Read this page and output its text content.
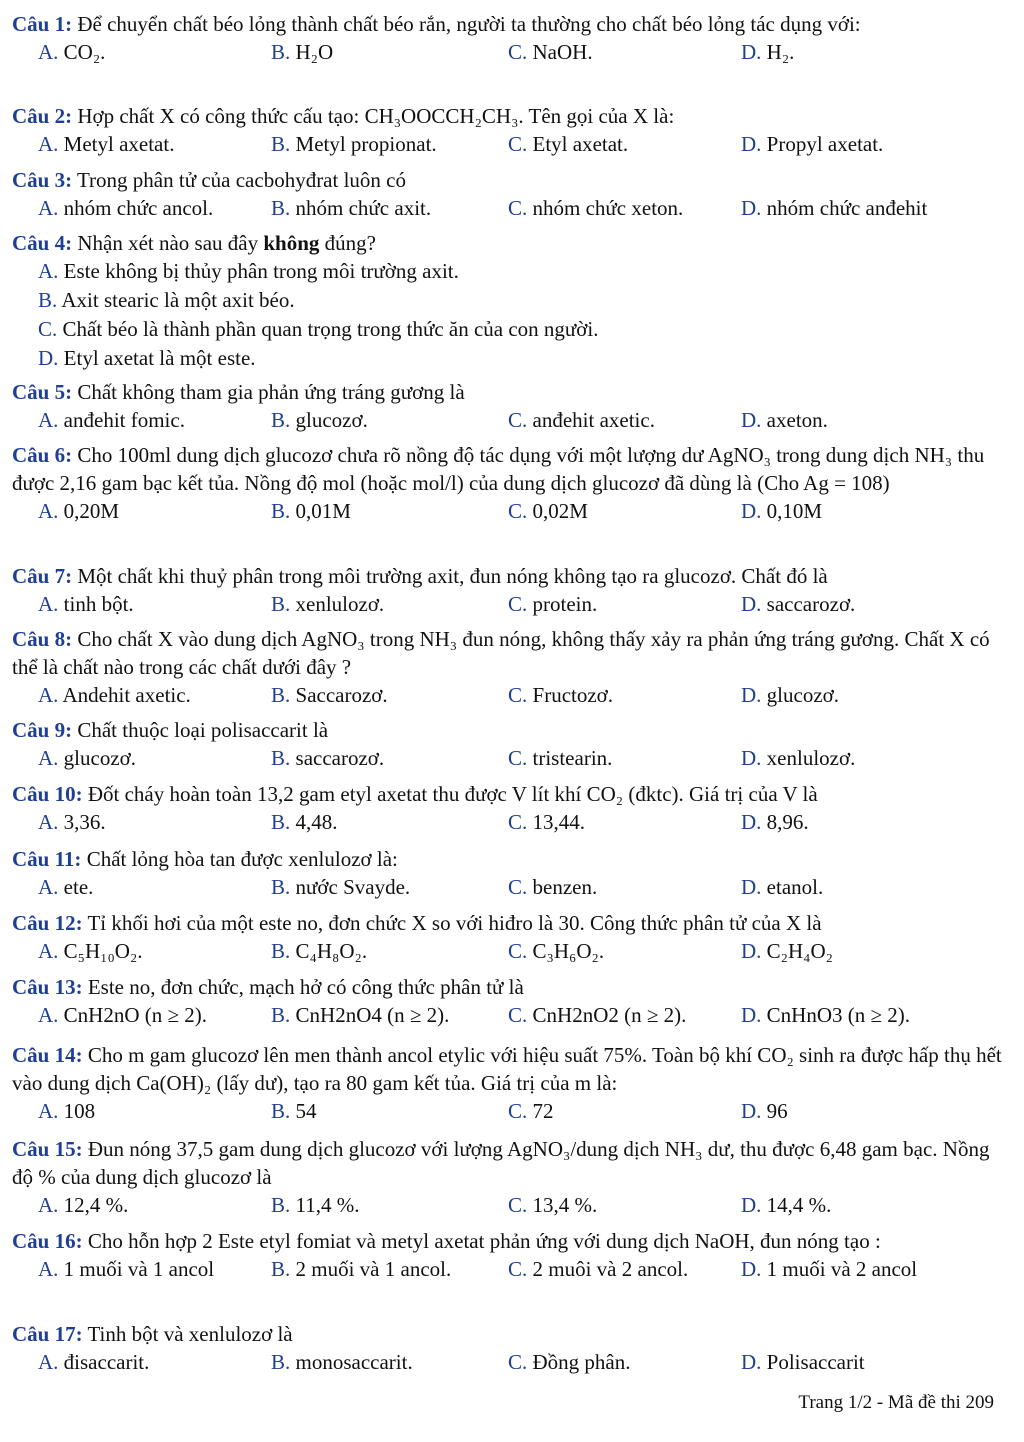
Câu 1: Để chuyển chất béo lỏng thành chất béo rắn, người ta thường cho chất béo lỏng tác dụng với:

A. CO₂.	B. H₂O	C. NaOH.	D. H₂.

Câu 2: Hợp chất X có công thức cấu tạo: CH₃OOCCH₂CH₃. Tên gọi của X là:

A. Metyl axetat.	B. Metyl propionat.	C. Etyl axetat.	D. Propyl axetat.

Câu 3: Trong phân tử của cacbohyđrat luôn có

A. nhóm chức ancol.	B. nhóm chức axit.	C. nhóm chức xeton.	D. nhóm chức anđehit

Câu 4: Nhận xét nào sau đây không đúng?

A. Este không bị thủy phân trong môi trường axit.
B. Axit stearic là một axit béo.
C. Chất béo là thành phần quan trọng trong thức ăn của con người.
D. Etyl axetat là một este.

Câu 5: Chất không tham gia phản ứng tráng gương là

A. anđehit fomic.	B. glucozơ.	C. anđehit axetic.	D. axeton.

Câu 6: Cho 100ml dung dịch glucozơ chưa rõ nồng độ tác dụng với một lượng dư AgNO₃ trong dung dịch NH₃ thu được 2,16 gam bạc kết tủa. Nồng độ mol (hoặc mol/l) của dung dịch glucozơ đã dùng là (Cho Ag = 108)

A. 0,20M	B. 0,01M	C. 0,02M	D. 0,10M

Câu 7: Một chất khi thuỷ phân trong môi trường axit, đun nóng không tạo ra glucozơ. Chất đó là

A. tinh bột.	B. xenlulozơ.	C. protein.	D. saccarozơ.

Câu 8: Cho chất X vào dung dịch AgNO₃ trong NH₃ đun nóng, không thấy xảy ra phản ứng tráng gương. Chất X có thể là chất nào trong các chất dưới đây ?

A. Andehit axetic.	B. Saccarozơ.	C. Fructozơ.	D. glucozơ.

Câu 9: Chất thuộc loại polisaccarit là

A. glucozơ.	B. saccarozơ.	C. tristearin.	D. xenlulozơ.

Câu 10: Đốt cháy hoàn toàn 13,2 gam etyl axetat thu được V lít khí CO₂ (đktc). Giá trị của V là

A. 3,36.	B. 4,48.	C. 13,44.	D. 8,96.

Câu 11: Chất lỏng hòa tan được xenlulozơ là:

A. ete.	B. nước Svayde.	C. benzen.	D. etanol.

Câu 12: Tỉ khối hơi của một este no, đơn chức X so với hiđro là 30. Công thức phân tử của X là

A. C₅H₁₀O₂.	B. C₄H₈O₂.	C. C₃H₆O₂.	D. C₂H₄O₂

Câu 13: Este no, đơn chức, mạch hở có công thức phân tử là

A. CnH2nO (n ≥ 2).	B. CnH2nO4 (n ≥ 2).	C. CnH2nO2 (n ≥ 2).	D. CnHnO3 (n ≥ 2).

Câu 14: Cho m gam glucozơ lên men thành ancol etylic với hiệu suất 75%. Toàn bộ khí CO₂ sinh ra được hấp thụ hết vào dung dịch Ca(OH)₂ (lấy dư), tạo ra 80 gam kết tủa. Giá trị của m là:

A. 108	B. 54	C. 72	D. 96

Câu 15: Đun nóng 37,5 gam dung dịch glucozơ với lượng AgNO₃/dung dịch NH₃ dư, thu được 6,48 gam bạc. Nồng độ % của dung dịch glucozơ là

A. 12,4 %.	B. 11,4 %.	C. 13,4 %.	D. 14,4 %.

Câu 16: Cho hỗn hợp 2 Este etyl fomiat và metyl axetat phản ứng với dung dịch NaOH, đun nóng tạo :

A. 1 muối và 1 ancol	B. 2 muối và 1 ancol.	C. 2 muôi và 2 ancol.	D. 1 muối và 2 ancol

Câu 17: Tinh bột và xenlulozơ là

A. đisaccarit.	B. monosaccarit.	C. Đồng phân.	D. Polisaccarit
Trang 1/2 - Mã đề thi 209
